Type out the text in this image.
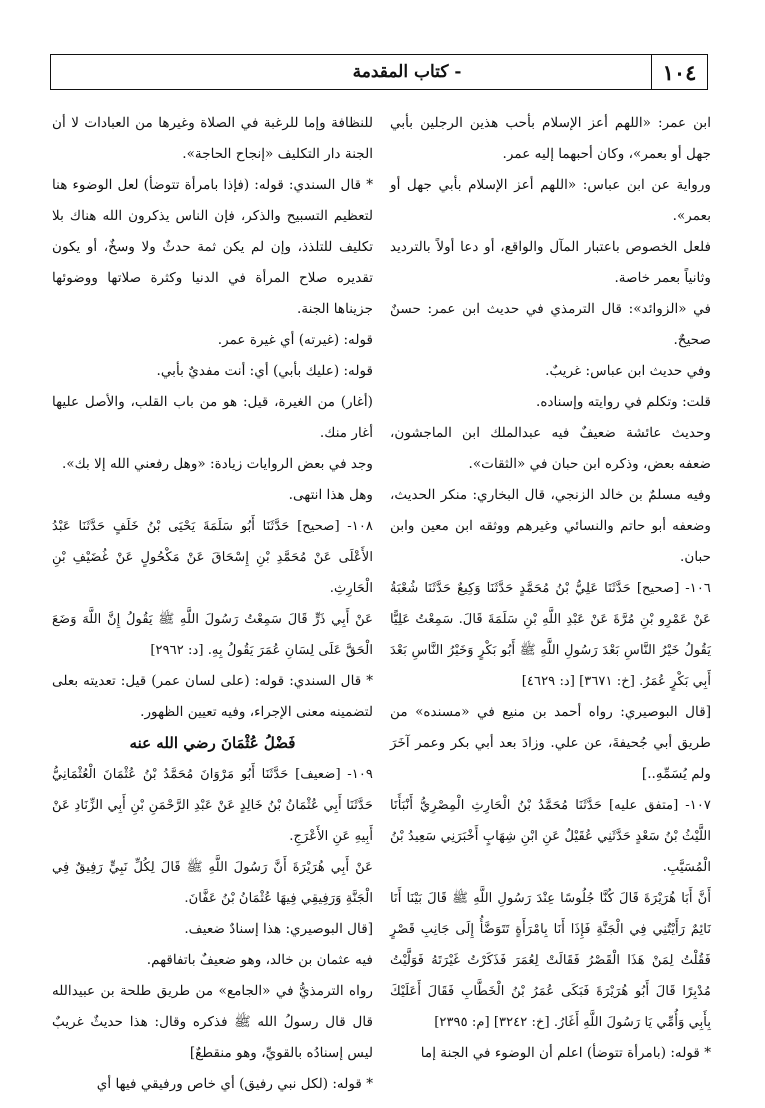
١٠٤
- كتاب المقدمة

ابن عمر: «اللهم أعز الإسلام بأحب هذين الرجلين بأبي جهل أو بعمر»، وكان أحبهما إليه عمر.

ورواية عن ابن عباس: «اللهم أعز الإسلام بأبي جهل أو بعمر».

فلعل الخصوص باعتبار المآل والواقع، أو دعا أولاً بالترديد وثانياً بعمر خاصة.

في «الزوائد»: قال الترمذي في حديث ابن عمر: حسنٌ صحيحٌ.

وفي حديث ابن عباس: غريبٌ.

قلت: وتكلم في روايته وإسناده.

وحديث عائشة ضعيفٌ فيه عبدالملك ابن الماجشون، ضعفه بعض، وذكره ابن حبان في «الثقات».

وفيه مسلمٌ بن خالد الزنجي، قال البخاري: منكر الحديث، وضعفه أبو حاتم والنسائي وغيرهم ووثقه ابن معين وابن حبان.

١٠٦- [صحيح] حَدَّثَنَا عَلِيُّ بْنُ مُحَمَّدٍ حَدَّثَنَا وَكِيعٌ حَدَّثَنَا شُعْبَةُ عَنْ عَمْرِو بْنِ مُرَّةَ عَنْ عَبْدِ اللَّهِ بْنِ سَلَمَةَ قَالَ. سَمِعْتُ عَلِيًّا يَقُولُ خَيْرُ النَّاسِ بَعْدَ رَسُولِ اللَّهِ ﷺ أَبُو بَكْرٍ وَخَيْرُ النَّاسِ بَعْدَ أَبِي بَكْرٍ عُمَرُ. [خ: ٣٦٧١] [د: ٤٦٢٩]

[قال البوصيري: رواه أحمد بن منيع في «مسنده» من طريق أبي جُحيفةَ، عن علي. وزادَ بعد أبي بكر وعمر آخَرَ ولم يُسَمِّهِ..]

١٠٧- [متفق عليه] حَدَّثَنَا مُحَمَّدُ بْنُ الْحَارِثِ الْمِصْرِيُّ أَنْبَأَنَا اللَّيْثُ بْنُ سَعْدٍ حَدَّثَنِي عُقَيْلٌ عَنِ ابْنِ شِهَابٍ أَخْبَرَنِي سَعِيدُ بْنُ الْمُسَيَّبِ.

أَنَّ أَبَا هُرَيْرَةَ قَالَ كُنَّا جُلُوسًا عِنْدَ رَسُولِ اللَّهِ ﷺ قَالَ بَيْنَا أَنَا نَائِمٌ رَأَيْتُنِي فِي الْجَنَّةِ فَإِذَا أَنَا بِامْرَأَةٍ تَتَوَضَّأُ إِلَى جَانِبِ قَصْرٍ فَقُلْتُ لِمَنْ هَذَا الْقَصْرُ فَقَالَتْ لِعُمَرَ فَذَكَرْتُ غَيْرَتَهُ فَوَلَّيْتُ مُدْبِرًا قَالَ أَبُو هُرَيْرَةَ فَبَكَى عُمَرُ بْنُ الْخَطَّابِ فَقَالَ أَعَلَيْكَ بِأَبِي وَأُمِّي يَا رَسُولَ اللَّهِ أَغَارُ. [خ: ٣٢٤٢] [م: ٢٣٩٥]

* قوله: (بامرأة تتوضأ) اعلم أن الوضوء في الجنة إما

للنظافة وإما للرغبة في الصلاة وغيرها من العبادات لا أن الجنة دار التكليف «إنجاح الحاجة».

* قال السندي: قوله: (فإذا بامرأة تتوضأ) لعل الوضوء هنا لتعظيم التسبيح والذكر، فإن الناس يذكرون الله هناك بلا تكليف للتلذذ، وإن لم يكن ثمة حدثٌ ولا وسخٌ، أو يكون تقديره صلاح المرأة في الدنيا وكثرة صلاتها ووضوئها جزيناها الجنة.

قوله: (غيرته) أي غيرة عمر.

قوله: (عليك بأبي) أي: أنت مفديٌ بأبي.

(أغار) من الغيرة، قيل: هو من باب القلب، والأصل عليها أغار منك.

وجد في بعض الروايات زيادة: «وهل رفعني الله إلا بك».

وهل هذا انتهى.

١٠٨- [صحيح] حَدَّثَنَا أَبُو سَلَمَةَ يَحْيَى بْنُ خَلَفٍ حَدَّثَنَا عَبْدُ الأَعْلَى عَنْ مُحَمَّدِ بْنِ إِسْحَاقَ عَنْ مَكْحُولٍ عَنْ غُضَيْفِ بْنِ الْحَارِثِ.

عَنْ أَبِي ذَرٍّ قَالَ سَمِعْتُ رَسُولَ اللَّهِ ﷺ يَقُولُ إِنَّ اللَّهَ وَضَعَ الْحَقَّ عَلَى لِسَانِ عُمَرَ يَقُولُ بِهِ. [د: ٢٩٦٢]

* قال السندي: قوله: (على لسان عمر) قيل: تعديته بعلى لتضمينه معنى الإجراء، وفيه تعيين الظهور.

فَضْلُ عُثْمَانَ رضي الله عنه

١٠٩- [ضعيف] حَدَّثَنَا أَبُو مَرْوَانَ مُحَمَّدُ بْنُ عُثْمَانَ الْعُثْمَانِيُّ حَدَّثَنَا أَبِي عُثْمَانُ بْنُ خَالِدٍ عَنْ عَبْدِ الرَّحْمَنِ بْنِ أَبِي الزِّنَادِ عَنْ أَبِيهِ عَنِ الأَعْرَجِ.

عَنْ أَبِي هُرَيْرَةَ أَنَّ رَسُولَ اللَّهِ ﷺ قَالَ لِكُلِّ نَبِيٍّ رَفِيقٌ فِي الْجَنَّةِ وَرَفِيقِي فِيهَا عُثْمَانُ بْنُ عَفَّانَ.

[قال البوصيري: هذا إسنادٌ ضعيف.

فيه عثمان بن خالد، وهو ضعيفٌ باتفاقهم.

رواه الترمذيُّ في «الجامع» من طريق طلحة بن عبيدالله قال قال رسولُ الله ﷺ فذكره وقال: هذا حديثٌ غريبٌ ليس إسنادُه بالقويِّ، وهو منقطعٌ]

* قوله: (لكل نبي رفيق) أي خاص ورفيقي فيها أي
